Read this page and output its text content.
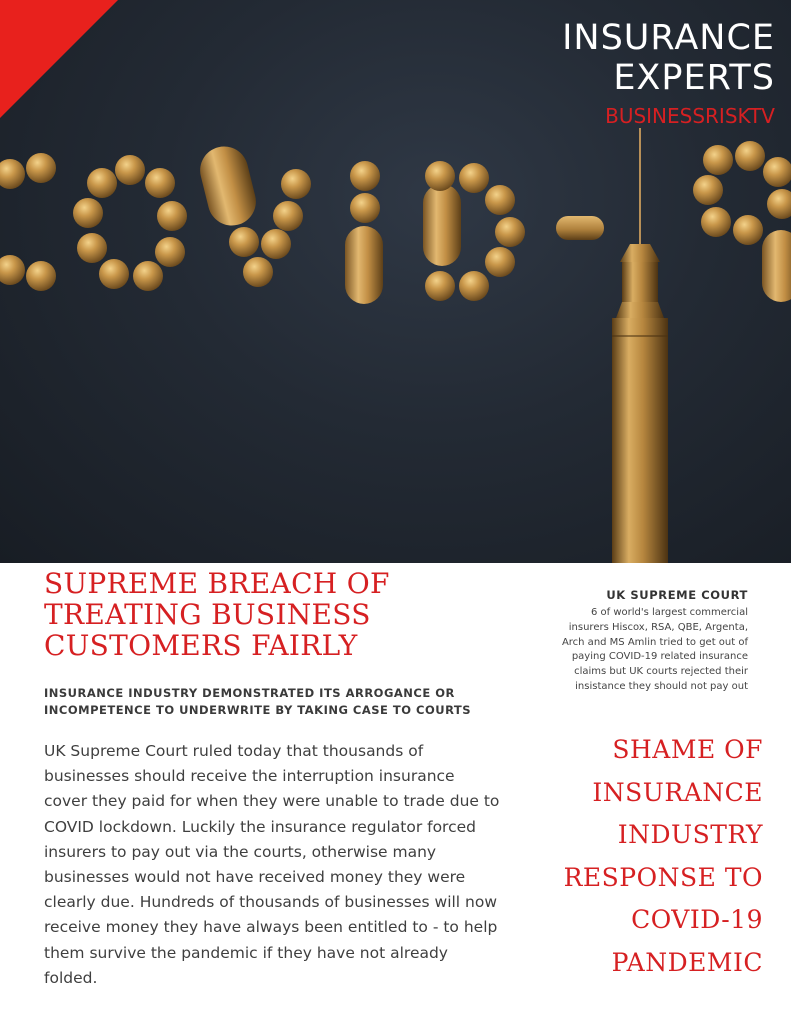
INSURANCE
EXPERTS
BUSINESSRISKTV
SUPREME BREACH OF TREATING BUSINESS CUSTOMERS FAIRLY
INSURANCE INDUSTRY DEMONSTRATED ITS ARROGANCE OR INCOMPETENCE TO UNDERWRITE BY TAKING CASE TO COURTS

UK Supreme Court ruled today that thousands of businesses should receive the interruption insurance cover they paid for when they were unable to trade due to COVID lockdown. Luckily the insurance regulator forced insurers to pay out via the courts, otherwise many businesses would not have received money they were clearly due. Hundreds of thousands of businesses will now receive money they have always been entitled to - to help them survive the pandemic if they have not already folded.

UK SUPREME COURT

6 of world's largest commercial insurers Hiscox, RSA, QBE, Argenta, Arch and MS Amlin tried to get out of paying COVID-19 related insurance claims but UK courts rejected their insistance they should not pay out

SHAME OF INSURANCE INDUSTRY RESPONSE TO COVID-19 PANDEMIC
